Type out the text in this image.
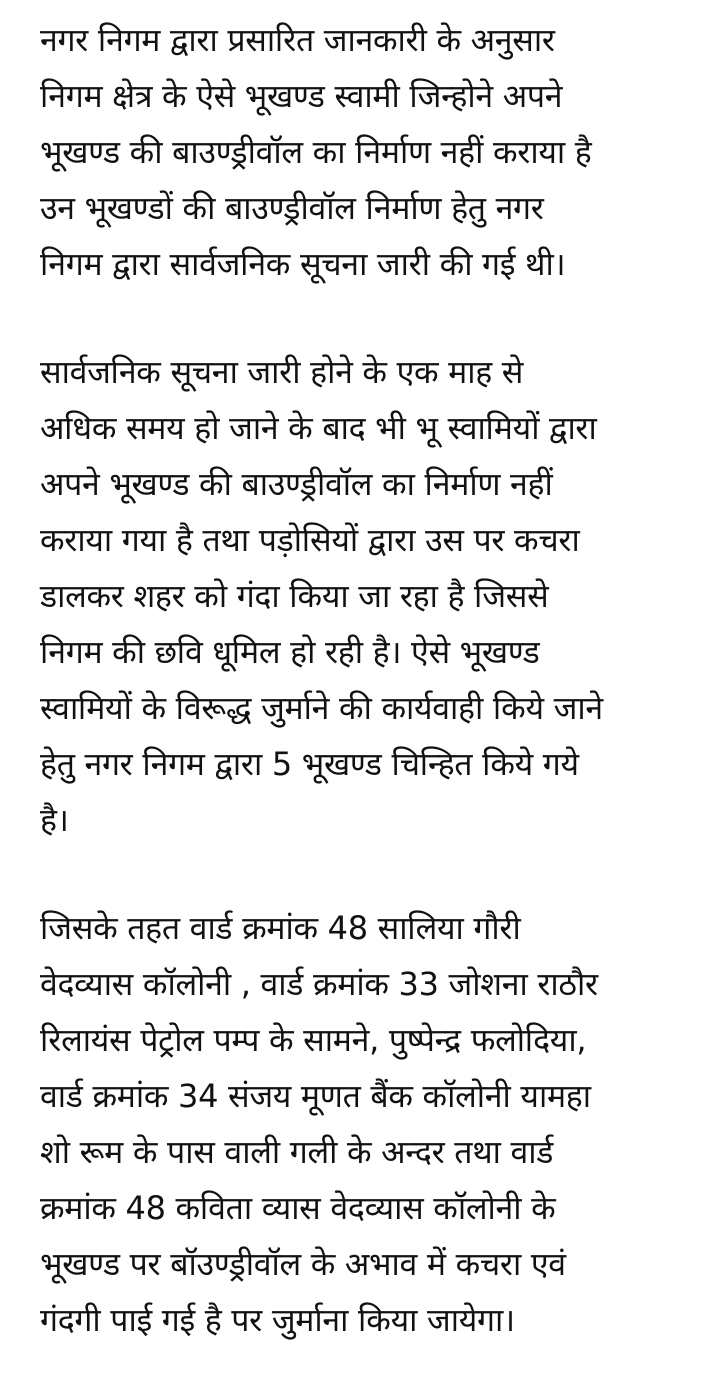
नगर निगम द्वारा प्रसारित जानकारी के अनुसार
निगम क्षेत्र के ऐसे भूखण्ड स्वामी जिन्होने अपने
भूखण्ड की बाउण्ड्रीवॉल का निर्माण नहीं कराया है
उन भूखण्डों की बाउण्ड्रीवॉल निर्माण हेतु नगर
निगम द्वारा सार्वजनिक सूचना जारी की गई थी।

सार्वजनिक सूचना जारी होने के एक माह से
अधिक समय हो जाने के बाद भी भू स्वामियों द्वारा
अपने भूखण्ड की बाउण्ड्रीवॉल का निर्माण नहीं
कराया गया है तथा पड़ोसियों द्वारा उस पर कचरा
डालकर शहर को गंदा किया जा रहा है जिससे
निगम की छवि धूमिल हो रही है। ऐसे भूखण्ड
स्वामियों के विरूद्ध जुर्माने की कार्यवाही किये जाने
हेतु नगर निगम द्वारा 5 भूखण्ड चिन्हित किये गये
है।

जिसके तहत वार्ड क्रमांक 48 सालिया गौरी
वेदव्यास कॉलोनी , वार्ड क्रमांक 33 जोशना राठौर
रिलायंस पेट्रोल पम्प के सामने, पुष्पेन्द्र फलोदिया,
वार्ड क्रमांक 34 संजय मूणत बैंक कॉलोनी यामहा
शो रूम के पास वाली गली के अन्दर तथा वार्ड
क्रमांक 48 कविता व्यास वेदव्यास कॉलोनी के
भूखण्ड पर बॉउण्ड्रीवॉल के अभाव में कचरा एवं
गंदगी पाई गई है पर जुर्माना किया जायेगा।
